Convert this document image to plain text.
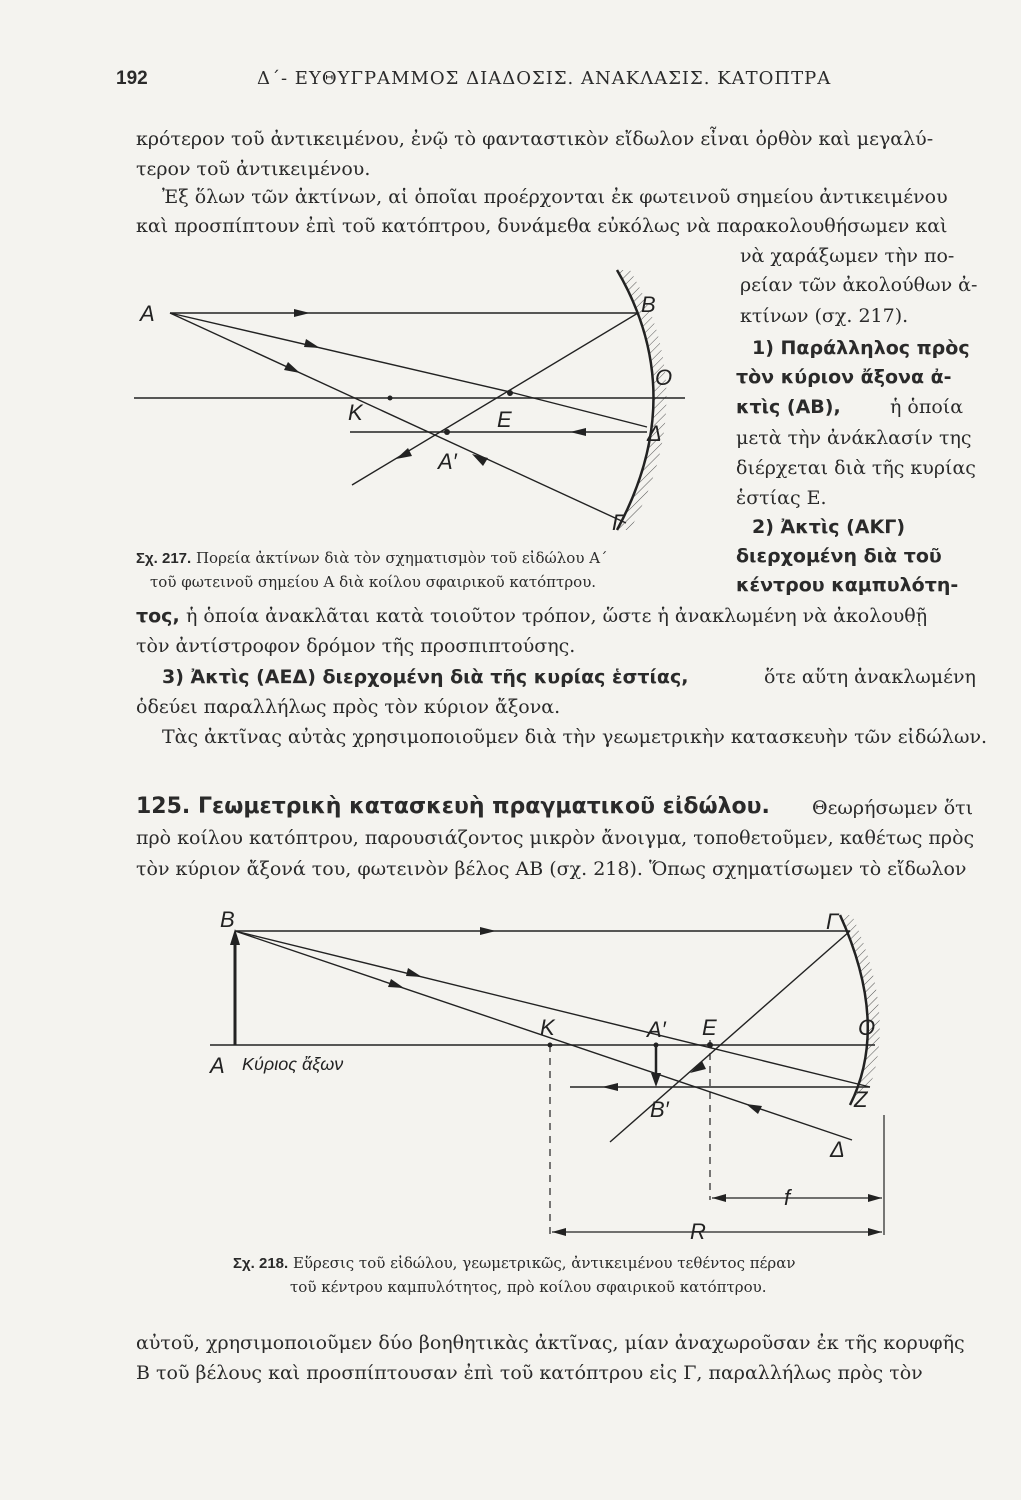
192	Δ΄- ΕΥΘΥΓΡΑΜΜΟΣ ΔΙΑΔΟΣΙΣ. ΑΝΑΚΛΑΣΙΣ. ΚΑΤΟΠΤΡΑ
κρότερον τοῦ ἀντικειμένου, ἐνῷ τὸ φανταστικὸν εἴδωλον εἶναι ὀρθὸν καὶ μεγαλύ-
τερον τοῦ ἀντικειμένου.
Ἐξ ὅλων τῶν ἀκτίνων, αἱ ὁποῖαι προέρχονται ἐκ φωτεινοῦ σημείου ἀντικειμένου
καὶ προσπίπτουν ἐπὶ τοῦ κατόπτρου, δυνάμεθα εὐκόλως νὰ παρακολουθήσωμεν καὶ
νὰ χαράξωμεν τὴν πο-
ρείαν τῶν ἀκολούθων ἀ-
κτίνων (σχ. 217).
1) Παράλληλος πρὸς
τὸν κύριον ἄξονα ἀ-
κτὶς (ΑΒ),	ἡ ὁποία
μετὰ τὴν ἀνάκλασίν της
διέρχεται διὰ τῆς κυρίας
ἑστίας Ε.
2) Ἀκτὶς (ΑΚΓ)
διερχομένη διὰ τοῦ
κέντρου καμπυλότη-
A	B
O
K	E
Δ
A′
Γ
Σχ. 217. Πορεία ἀκτίνων διὰ τὸν σχηματισμὸν τοῦ εἰδώλου Α΄
τοῦ φωτεινοῦ σημείου Α διὰ κοίλου σφαιρικοῦ κατόπτρου.
τος, ἡ ὁποία ἀνακλᾶται κατὰ τοιοῦτον τρόπον, ὥστε ἡ ἀνακλωμένη νὰ ἀκολουθῇ
τὸν ἀντίστροφον δρόμον τῆς προσπιπτούσης.
3) Ἀκτὶς (ΑΕΔ) διερχομένη διὰ τῆς κυρίας ἑστίας,	ὅτε αὕτη ἀνακλωμένη
ὁδεύει παραλλήλως πρὸς τὸν κύριον ἄξονα.
Τὰς ἀκτῖνας αὐτὰς χρησιμοποιοῦμεν διὰ τὴν γεωμετρικὴν κατασκευὴν τῶν εἰδώλων.
125. Γεωμετρικὴ κατασκευὴ πραγματικοῦ εἰδώλου. Θεωρήσωμεν ὅτι
πρὸ κοίλου κατόπτρου, παρουσιάζοντος μικρὸν ἄνοιγμα, τοποθετοῦμεν, καθέτως πρὸς
τὸν κύριον ἄξονά του, φωτεινὸν βέλος ΑΒ (σχ. 218). Ὅπως σχηματίσωμεν τὸ εἴδωλον
B	Γ
A Κύριος ἄξων
K	A′ E	O
B′	Z
Δ
f
R
Σχ. 218. Εὕρεσις τοῦ εἰδώλου, γεωμετρικῶς, ἀντικειμένου τεθέντος πέραν
τοῦ κέντρου καμπυλότητος, πρὸ κοίλου σφαιρικοῦ κατόπτρου.
αὐτοῦ, χρησιμοποιοῦμεν δύο βοηθητικὰς ἀκτῖνας, μίαν ἀναχωροῦσαν ἐκ τῆς κορυφῆς
Β τοῦ βέλους καὶ προσπίπτουσαν ἐπὶ τοῦ κατόπτρου εἰς Γ, παραλλήλως πρὸς τὸν
